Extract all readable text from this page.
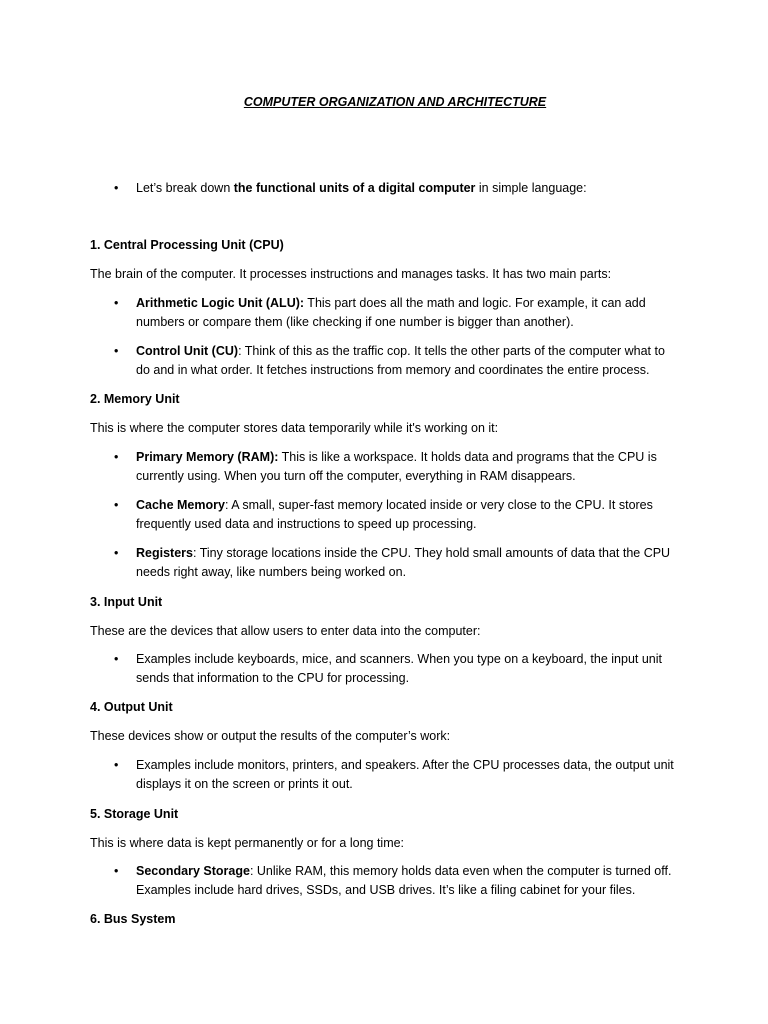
COMPUTER ORGANIZATION AND ARCHITECTURE
• Let’s break down the functional units of a digital computer in simple language:
1. Central Processing Unit (CPU)
The brain of the computer. It processes instructions and manages tasks. It has two main parts:
• Arithmetic Logic Unit (ALU): This part does all the math and logic. For example, it can add numbers or compare them (like checking if one number is bigger than another).
• Control Unit (CU): Think of this as the traffic cop. It tells the other parts of the computer what to do and in what order. It fetches instructions from memory and coordinates the entire process.
2. Memory Unit
This is where the computer stores data temporarily while it's working on it:
• Primary Memory (RAM): This is like a workspace. It holds data and programs that the CPU is currently using. When you turn off the computer, everything in RAM disappears.
• Cache Memory: A small, super-fast memory located inside or very close to the CPU. It stores frequently used data and instructions to speed up processing.
• Registers: Tiny storage locations inside the CPU. They hold small amounts of data that the CPU needs right away, like numbers being worked on.
3. Input Unit
These are the devices that allow users to enter data into the computer:
• Examples include keyboards, mice, and scanners. When you type on a keyboard, the input unit sends that information to the CPU for processing.
4. Output Unit
These devices show or output the results of the computer’s work:
• Examples include monitors, printers, and speakers. After the CPU processes data, the output unit displays it on the screen or prints it out.
5. Storage Unit
This is where data is kept permanently or for a long time:
• Secondary Storage: Unlike RAM, this memory holds data even when the computer is turned off. Examples include hard drives, SSDs, and USB drives. It’s like a filing cabinet for your files.
6. Bus System
